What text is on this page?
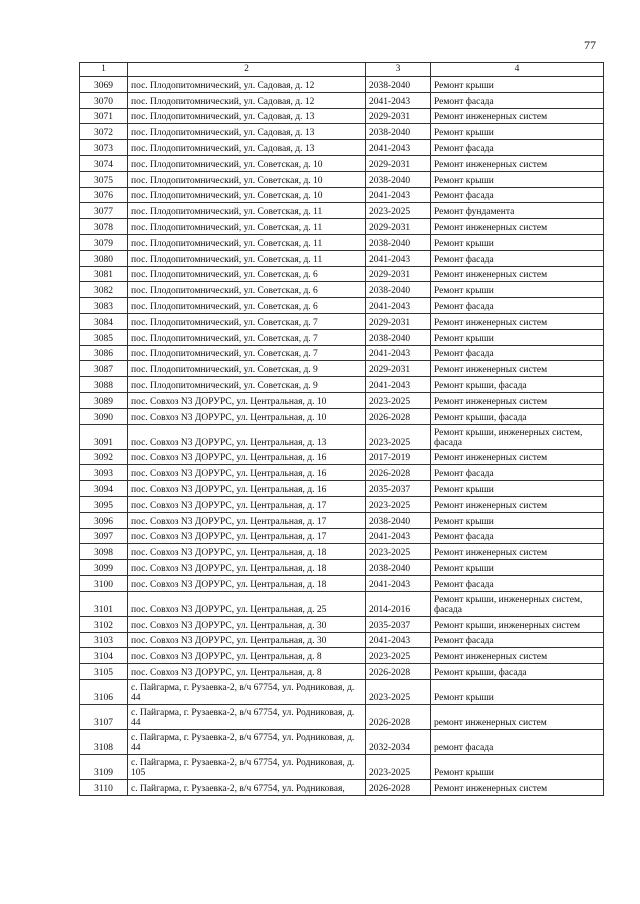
77
1	2	3	4
3069	пос. Плодопитомнический, ул. Садовая, д. 12	2038-2040	Ремонт крыши
3070	пос. Плодопитомнический, ул. Садовая, д. 12	2041-2043	Ремонт фасада
3071	пос. Плодопитомнический, ул. Садовая, д. 13	2029-2031	Ремонт инженерных систем
3072	пос. Плодопитомнический, ул. Садовая, д. 13	2038-2040	Ремонт крыши
3073	пос. Плодопитомнический, ул. Садовая, д. 13	2041-2043	Ремонт фасада
3074	пос. Плодопитомнический, ул. Советская, д. 10	2029-2031	Ремонт инженерных систем
3075	пос. Плодопитомнический, ул. Советская, д. 10	2038-2040	Ремонт крыши
3076	пос. Плодопитомнический, ул. Советская, д. 10	2041-2043	Ремонт фасада
3077	пос. Плодопитомнический, ул. Советская, д. 11	2023-2025	Ремонт фундамента
3078	пос. Плодопитомнический, ул. Советская, д. 11	2029-2031	Ремонт инженерных систем
3079	пос. Плодопитомнический, ул. Советская, д. 11	2038-2040	Ремонт крыши
3080	пос. Плодопитомнический, ул. Советская, д. 11	2041-2043	Ремонт фасада
3081	пос. Плодопитомнический, ул. Советская, д. 6	2029-2031	Ремонт инженерных систем
3082	пос. Плодопитомнический, ул. Советская, д. 6	2038-2040	Ремонт крыши
3083	пос. Плодопитомнический, ул. Советская, д. 6	2041-2043	Ремонт фасада
3084	пос. Плодопитомнический, ул. Советская, д. 7	2029-2031	Ремонт инженерных систем
3085	пос. Плодопитомнический, ул. Советская, д. 7	2038-2040	Ремонт крыши
3086	пос. Плодопитомнический, ул. Советская, д. 7	2041-2043	Ремонт фасада
3087	пос. Плодопитомнический, ул. Советская, д. 9	2029-2031	Ремонт инженерных систем
3088	пос. Плодопитомнический, ул. Советская, д. 9	2041-2043	Ремонт крыши, фасада
3089	пос. Совхоз N3 ДОРУРС, ул. Центральная, д. 10	2023-2025	Ремонт инженерных систем
3090	пос. Совхоз N3 ДОРУРС, ул. Центральная, д. 10	2026-2028	Ремонт крыши, фасада
3091	пос. Совхоз N3 ДОРУРС, ул. Центральная, д. 13	2023-2025	Ремонт крыши, инженерных систем, фасада
3092	пос. Совхоз N3 ДОРУРС, ул. Центральная, д. 16	2017-2019	Ремонт инженерных систем
3093	пос. Совхоз N3 ДОРУРС, ул. Центральная, д. 16	2026-2028	Ремонт фасада
3094	пос. Совхоз N3 ДОРУРС, ул. Центральная, д. 16	2035-2037	Ремонт крыши
3095	пос. Совхоз N3 ДОРУРС, ул. Центральная, д. 17	2023-2025	Ремонт инженерных систем
3096	пос. Совхоз N3 ДОРУРС, ул. Центральная, д. 17	2038-2040	Ремонт крыши
3097	пос. Совхоз N3 ДОРУРС, ул. Центральная, д. 17	2041-2043	Ремонт фасада
3098	пос. Совхоз N3 ДОРУРС, ул. Центральная, д. 18	2023-2025	Ремонт инженерных систем
3099	пос. Совхоз N3 ДОРУРС, ул. Центральная, д. 18	2038-2040	Ремонт крыши
3100	пос. Совхоз N3 ДОРУРС, ул. Центральная, д. 18	2041-2043	Ремонт фасада
3101	пос. Совхоз N3 ДОРУРС, ул. Центральная, д. 25	2014-2016	Ремонт крыши, инженерных систем, фасада
3102	пос. Совхоз N3 ДОРУРС, ул. Центральная, д. 30	2035-2037	Ремонт крыши, инженерных систем
3103	пос. Совхоз N3 ДОРУРС, ул. Центральная, д. 30	2041-2043	Ремонт фасада
3104	пос. Совхоз N3 ДОРУРС, ул. Центральная, д. 8	2023-2025	Ремонт инженерных систем
3105	пос. Совхоз N3 ДОРУРС, ул. Центральная, д. 8	2026-2028	Ремонт крыши, фасада
3106	с. Пайгарма, г. Рузаевка-2, в/ч 67754, ул. Родниковая, д. 44	2023-2025	Ремонт крыши
3107	с. Пайгарма, г. Рузаевка-2, в/ч 67754, ул. Родниковая, д. 44	2026-2028	ремонт инженерных систем
3108	с. Пайгарма, г. Рузаевка-2, в/ч 67754, ул. Родниковая, д. 44	2032-2034	ремонт фасада
3109	с. Пайгарма, г. Рузаевка-2, в/ч 67754, ул. Родниковая, д. 105	2023-2025	Ремонт крыши
3110	с. Пайгарма, г. Рузаевка-2, в/ч 67754, ул. Родниковая,	2026-2028	Ремонт инженерных систем
